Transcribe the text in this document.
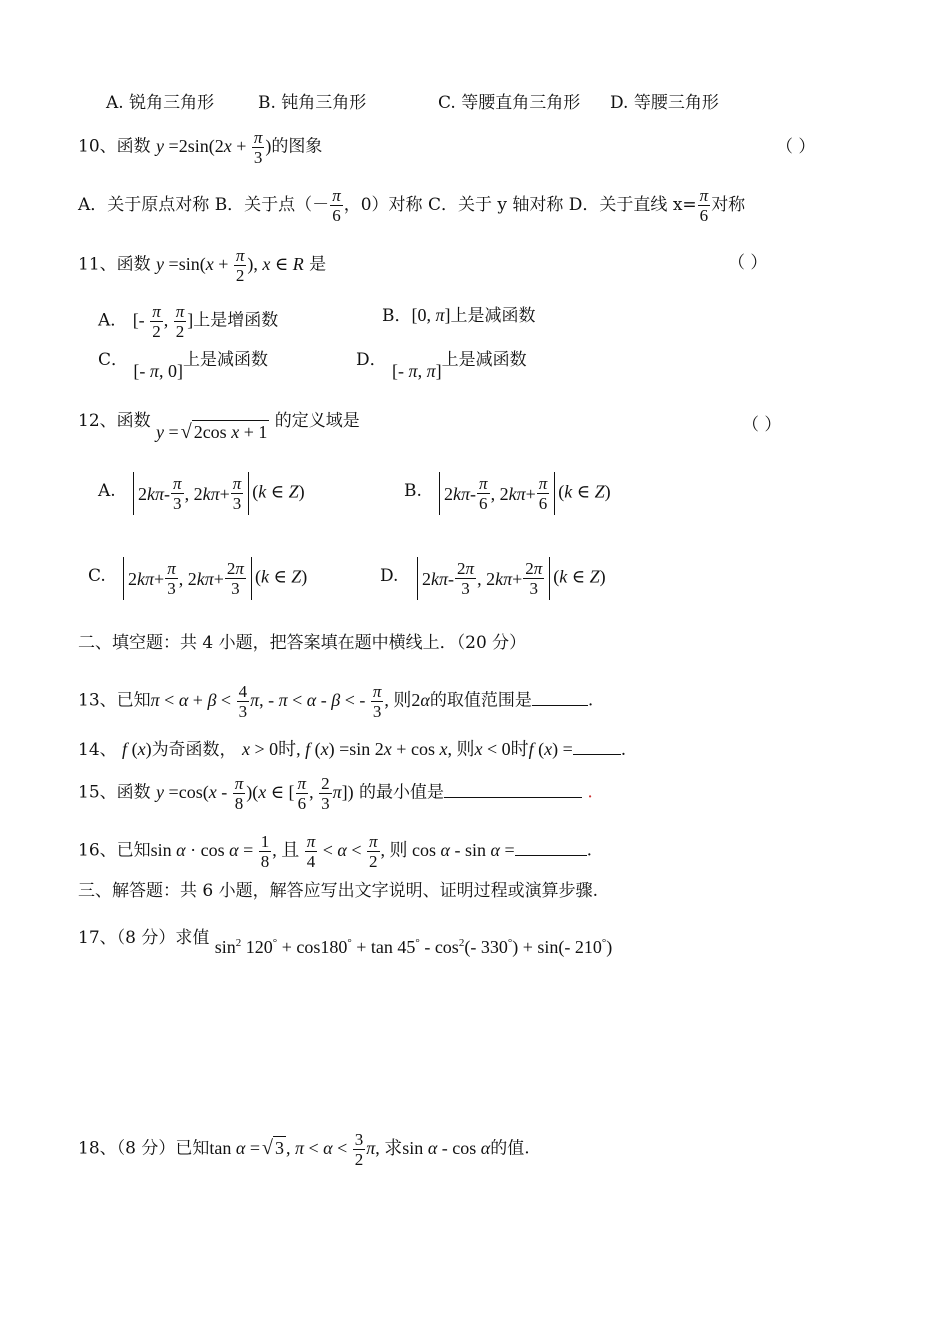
A. 锐角三角形	B. 钝角三角形	C. 等腰直角三角形 D. 等腰三角形
10、函数 $y =2\sin(2x + \frac{\pi}{3}$ )的图象	（ ）
A．关于原点对称 B．关于点（－ $\frac{\pi}{6}$ ，0）对称 C．关于 y 轴对称 D．关于直线 $x= \frac{\pi}{6}$ 对称
11、函数 $y =\sin(x + \frac{\pi}{2}$ ), x ∈ R 是	（ ）
A． [- $\frac{\pi}{2}$ , $\frac{\pi}{2}$ ]上是增函数	B．[0, π]上是减函数
C． [- π, 0]上是减函数	D． [- π, π]上是减函数
12、函数 y = √ 2cos x + 1 的定义域是	（ ）
A.	2 k π - $\frac{\pi}{3}$ , 2 k $\pi + \frac{\pi}{3} (k$ ∈ Z)	B.	2 k π - $\frac{\pi}{6}$ , 2 k $\pi + \frac{\pi}{6} (k$ ∈ Z)
C.	2 k $\pi + \frac{\pi}{3}$ , 2 k $\pi + \frac{2\pi}{3} (k$ ∈ Z)	D.	2 k π - $\frac{2\pi}{3}$ , 2 k $\pi + \frac{2\pi}{3} (k$ ∈ Z)
二、填空题：共 4 小题，把答案填在题中横线上．（20 分）
13、已知$\pi < \alpha + \beta < \frac{4}{3} \pi$, - π < α - β < - $\frac{\pi}{3}$ , 则2α的取值范围是	.
14、 f (x)为奇函数， x > 0时, f (x) =sin 2x + cos x, 则x < 0时f (x) =	.
15、函数 $y =\cos(x - \frac{\pi}{8} )(x$ ∈ [ $\frac{\pi}{6}$ , $\frac{2}{3} \pi$]) 的最小值是	.
16、已知$\sin \alpha \cdot \cos \alpha = \frac{1}{8}$ , 且 $\frac{\pi}{4} < \alpha < \frac{\pi}{2}$ , 则 cos α - sin α =	.
三、解答题：共 6 小题，解答应写出文字说明、证明过程或演算步骤.
17、（8 分）求值 $\sin^2 120^\circ + \cos 180^\circ + \tan 45^\circ - \cos^2(-$ 330°) + sin(- 210°)
18、（8 分）已知tan α = √ 3 , $\pi < \alpha < \frac{3}{2} \pi$, 求sin α - cos α的值.
